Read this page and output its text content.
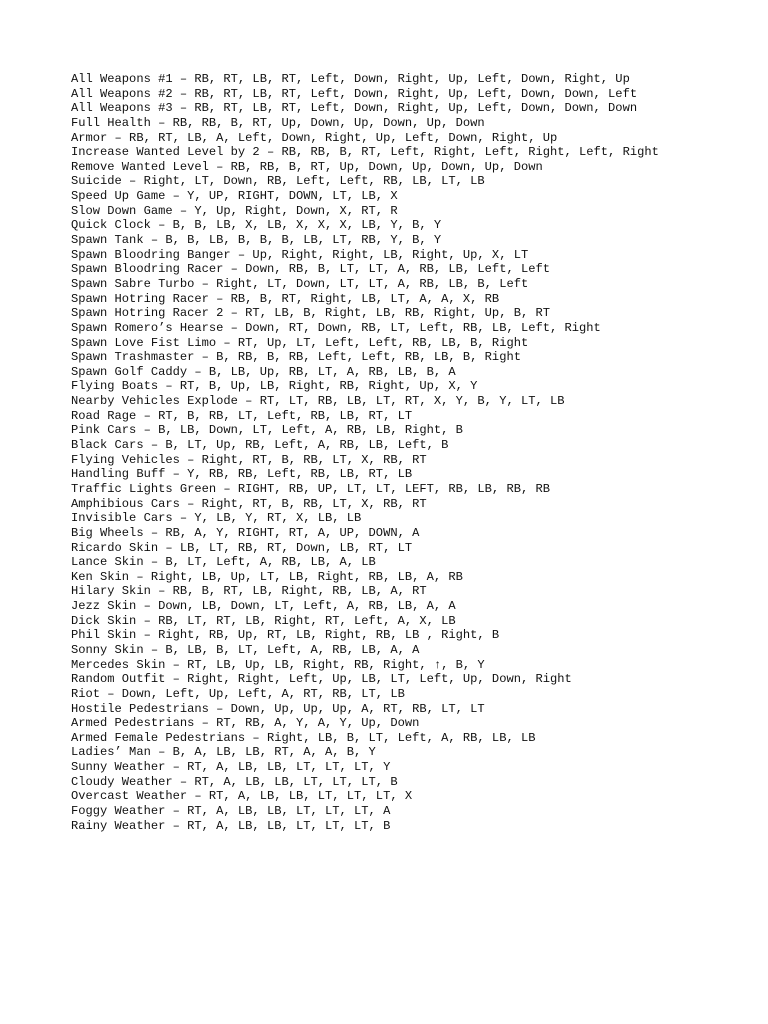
All Weapons #1 – RB, RT, LB, RT, Left, Down, Right, Up, Left, Down, Right, Up
All Weapons #2 – RB, RT, LB, RT, Left, Down, Right, Up, Left, Down, Down, Left
All Weapons #3 – RB, RT, LB, RT, Left, Down, Right, Up, Left, Down, Down, Down
Full Health – RB, RB, B, RT, Up, Down, Up, Down, Up, Down
Armor – RB, RT, LB, A, Left, Down, Right, Up, Left, Down, Right, Up
Increase Wanted Level by 2 – RB, RB, B, RT, Left, Right, Left, Right, Left, Right
Remove Wanted Level – RB, RB, B, RT, Up, Down, Up, Down, Up, Down
Suicide – Right, LT, Down, RB, Left, Left, RB, LB, LT, LB
Speed Up Game – Y, UP, RIGHT, DOWN, LT, LB, X
Slow Down Game – Y, Up, Right, Down, X, RT, R
Quick Clock – B, B, LB, X, LB, X, X, X, LB, Y, B, Y
Spawn Tank – B, B, LB, B, B, B, LB, LT, RB, Y, B, Y
Spawn Bloodring Banger – Up, Right, Right, LB, Right, Up, X, LT
Spawn Bloodring Racer – Down, RB, B, LT, LT, A, RB, LB, Left, Left
Spawn Sabre Turbo – Right, LT, Down, LT, LT, A, RB, LB, B, Left
Spawn Hotring Racer – RB, B, RT, Right, LB, LT, A, A, X, RB
Spawn Hotring Racer 2 – RT, LB, B, Right, LB, RB, Right, Up, B, RT
Spawn Romero’s Hearse – Down, RT, Down, RB, LT, Left, RB, LB, Left, Right
Spawn Love Fist Limo – RT, Up, LT, Left, Left, RB, LB, B, Right
Spawn Trashmaster – B, RB, B, RB, Left, Left, RB, LB, B, Right
Spawn Golf Caddy – B, LB, Up, RB, LT, A, RB, LB, B, A
Flying Boats – RT, B, Up, LB, Right, RB, Right, Up, X, Y
Nearby Vehicles Explode – RT, LT, RB, LB, LT, RT, X, Y, B, Y, LT, LB
Road Rage – RT, B, RB, LT, Left, RB, LB, RT, LT
Pink Cars – B, LB, Down, LT, Left, A, RB, LB, Right, B
Black Cars – B, LT, Up, RB, Left, A, RB, LB, Left, B
Flying Vehicles – Right, RT, B, RB, LT, X, RB, RT
Handling Buff – Y, RB, RB, Left, RB, LB, RT, LB
Traffic Lights Green – RIGHT, RB, UP, LT, LT, LEFT, RB, LB, RB, RB
Amphibious Cars – Right, RT, B, RB, LT, X, RB, RT
Invisible Cars – Y, LB, Y, RT, X, LB, LB
Big Wheels – RB, A, Y, RIGHT, RT, A, UP, DOWN, A
Ricardo Skin – LB, LT, RB, RT, Down, LB, RT, LT
Lance Skin – B, LT, Left, A, RB, LB, A, LB
Ken Skin – Right, LB, Up, LT, LB, Right, RB, LB, A, RB
Hilary Skin – RB, B, RT, LB, Right, RB, LB, A, RT
Jezz Skin – Down, LB, Down, LT, Left, A, RB, LB, A, A
Dick Skin – RB, LT, RT, LB, Right, RT, Left, A, X, LB
Phil Skin – Right, RB, Up, RT, LB, Right, RB, LB , Right, B
Sonny Skin – B, LB, B, LT, Left, A, RB, LB, A, A
Mercedes Skin – RT, LB, Up, LB, Right, RB, Right, ↑, B, Y
Random Outfit – Right, Right, Left, Up, LB, LT, Left, Up, Down, Right
Riot – Down, Left, Up, Left, A, RT, RB, LT, LB
Hostile Pedestrians – Down, Up, Up, Up, A, RT, RB, LT, LT
Armed Pedestrians – RT, RB, A, Y, A, Y, Up, Down
Armed Female Pedestrians – Right, LB, B, LT, Left, A, RB, LB, LB
Ladies’ Man – B, A, LB, LB, RT, A, A, B, Y
Sunny Weather – RT, A, LB, LB, LT, LT, LT, Y
Cloudy Weather – RT, A, LB, LB, LT, LT, LT, B
Overcast Weather – RT, A, LB, LB, LT, LT, LT, X
Foggy Weather – RT, A, LB, LB, LT, LT, LT, A
Rainy Weather – RT, A, LB, LB, LT, LT, LT, B
